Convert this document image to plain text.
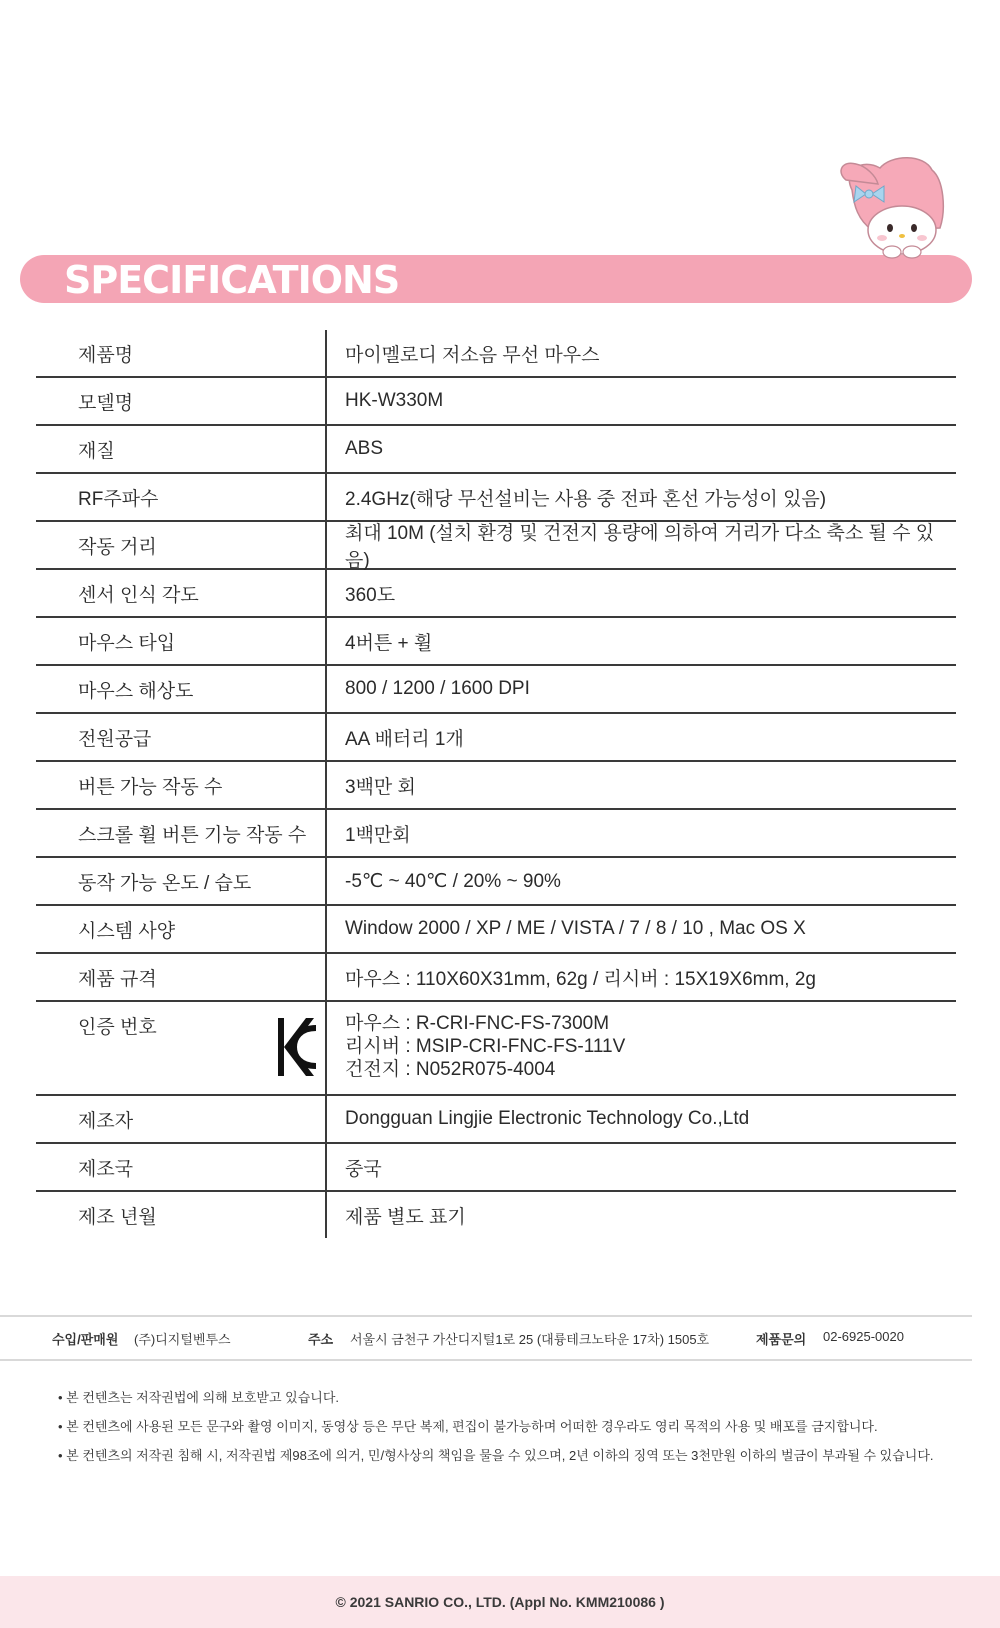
SPECIFICATIONS
제품명	마이멜로디 저소음 무선 마우스

모델명	HK-W330M

재질	ABS

RF주파수	2.4GHz(해당 무선설비는 사용 중 전파 혼선 가능성이 있음)

작동 거리	최대 10M (설치 환경 및 건전지 용량에 의하여 거리가 다소 축소 될 수 있음)

센서 인식 각도	360도

마우스 타입	4버튼 + 휠

마우스 해상도	800 / 1200 / 1600 DPI

전원공급	AA 배터리 1개

버튼 가능 작동 수	3백만 회

스크롤 휠 버튼 기능 작동 수	1백만회

동작 가능 온도 / 습도	-5℃ ~ 40℃ / 20% ~ 90%

시스템 사양	Window 2000 / XP / ME / VISTA / 7 / 8 / 10 , Mac OS X

제품 규격	마우스 : 110X60X31mm, 62g / 리시버 : 15X19X6mm, 2g

인증 번호	마우스 : R-CRI-FNC-FS-7300M
리시버 : MSIP-CRI-FNC-FS-111V
건전지 : N052R075-4004

제조자	Dongguan Lingjie Electronic Technology Co.,Ltd

제조국	중국

제조 년월	제품 별도 표기
수입/판매원 (주)디지털벤투스	주소 서울시 금천구 가산디지털1로 25 (대륭테크노타운 17차) 1505호	제품문의 02-6925-0020
• 본 컨텐츠는 저작권법에 의해 보호받고 있습니다.
• 본 컨텐츠에 사용된 모든 문구와 촬영 이미지, 동영상 등은 무단 복제, 편집이 불가능하며 어떠한 경우라도 영리 목적의 사용 및 배포를 금지합니다.
• 본 컨텐츠의 저작권 침해 시, 저작권법 제98조에 의거, 민/형사상의 책임을 물을 수 있으며, 2년 이하의 징역 또는 3천만원 이하의 벌금이 부과될 수 있습니다.
© 2021 SANRIO CO., LTD. (Appl No. KMM210086 )
